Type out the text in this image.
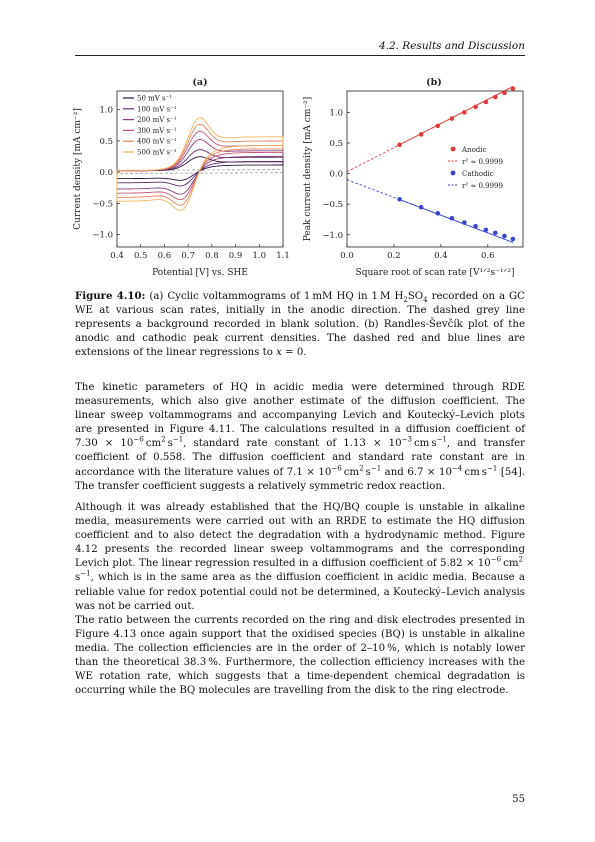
4.2. Results and Discussion
(a)
0.4 0.5 0.6 0.7 0.8 0.9 1.0 1.1
1.0
0.5
0.0
−0.5
−1.0
50 mV s⁻¹
100 mV s⁻¹
200 mV s⁻¹
300 mV s⁻¹
400 mV s⁻¹
500 mV s⁻¹
Potential [V] vs. SHE
Current density [mA cm⁻²]
(b)
0.0	0.2	0.4	0.6
1.0
0.5
0.0
−0.5
−1.0
Anodic
r² ≈ 0.9999
Cathodic
r² ≈ 0.9999
Square root of scan rate [V¹ᐟ²s⁻¹ᐟ²]
Peak current density [mA cm⁻²]
Figure 4.10: (a) Cyclic voltammograms of 1 mM HQ in 1 M $H_2SO_4$ recorded on a GC WE at various scan rates, initially in the anodic direction. The dashed grey line represents a background recorded in blank solution. (b) Randles-Ševčík plot of the anodic and cathodic peak current densities. The dashed red and blue lines are extensions of the linear regressions to x = 0.

The kinetic parameters of HQ in acidic media were determined through RDE measurements, which also give another estimate of the diffusion coefficient. The linear sweep voltammograms and accompanying Levich and Koutecký–Levich plots are presented in Figure 4.11. The calculations resulted in a diffusion coefficient of $7.30 \times 10^{-6}$ $cm^2$ $s^{-1}$, standard rate constant of $1.13 \times 10^{-3}$ cm $s^{-1}$, and transfer coefficient of 0.558. The diffusion coefficient and standard rate constant are in accordance with the literature values of $7.1 \times 10^{-6}$ $cm^2$ $s^{-1}$ and $6.7 \times 10^{-4}$ cm $s^{-1}$ [54]. The transfer coefficient suggests a relatively symmetric redox reaction.

Although it was already established that the HQ/BQ couple is unstable in alkaline media, measurements were carried out with an RRDE to estimate the HQ diffusion coefficient and to also detect the degradation with a hydrodynamic method. Figure 4.12 presents the recorded linear sweep voltammograms and the corresponding Levich plot. The linear regression resulted in a diffusion coefficient of $5.82 \times 10^{-6}$ $cm^2$ $s^{-1}$, which is in the same area as the diffusion coefficient in acidic media. Because a reliable value for redox potential could not be determined, a Koutecký–Levich analysis was not be carried out.

The ratio between the currents recorded on the ring and disk electrodes presented in Figure 4.13 once again support that the oxidised species (BQ) is unstable in alkaline media. The collection efficiencies are in the order of 2–10 %, which is notably lower than the theoretical 38.3 %. Furthermore, the collection efficiency increases with the WE rotation rate, which suggests that a time-dependent chemical degradation is occurring while the BQ molecules are travelling from the disk to the ring electrode.

55
